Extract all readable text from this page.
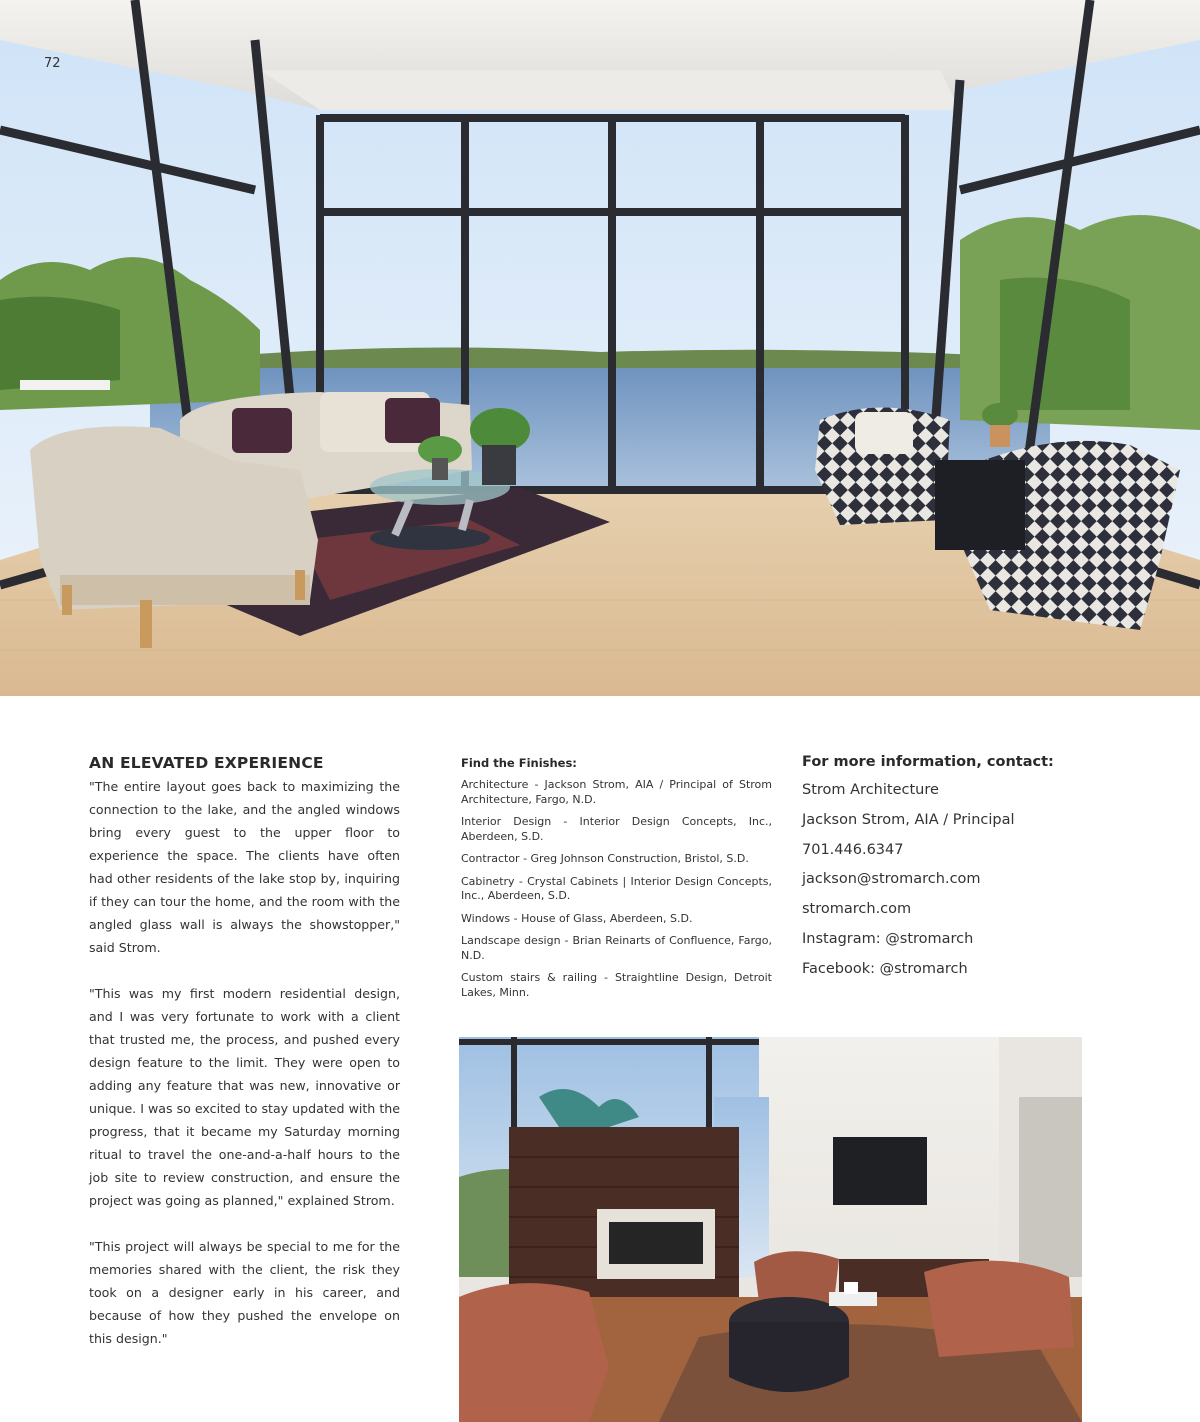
72
AN ELEVATED EXPERIENCE

"The entire layout goes back to maximizing the connection to the lake, and the angled windows bring every guest to the upper floor to experience the space. The clients have often had other residents of the lake stop by, inquiring if they can tour the home, and the room with the angled glass wall is always the showstopper," said Strom.

"This was my first modern residential design, and I was very fortunate to work with a client that trusted me, the process, and pushed every design feature to the limit. They were open to adding any feature that was new, innovative or unique. I was so excited to stay updated with the progress, that it became my Saturday morning ritual to travel the one-and-a-half hours to the job site to review construction, and ensure the project was going as planned," explained Strom.

"This project will always be special to me for the memories shared with the client, the risk they took on a designer early in his career, and because of how they pushed the envelope on this design."

Find the Finishes:
Architecture - Jackson Strom, AIA / Principal of Strom Architecture, Fargo, N.D.
Interior Design - Interior Design Concepts, Inc., Aberdeen, S.D.
Contractor - Greg Johnson Construction, Bristol, S.D.
Cabinetry - Crystal Cabinets | Interior Design Concepts, Inc., Aberdeen, S.D.
Windows - House of Glass, Aberdeen, S.D.
Landscape design - Brian Reinarts of Confluence, Fargo, N.D.
Custom stairs & railing - Straightline Design, Detroit Lakes, Minn.
For more information, contact:
Strom Architecture
Jackson Strom, AIA / Principal
701.446.6347
jackson@stromarch.com
stromarch.com
Instagram: @stromarch
Facebook: @stromarch
